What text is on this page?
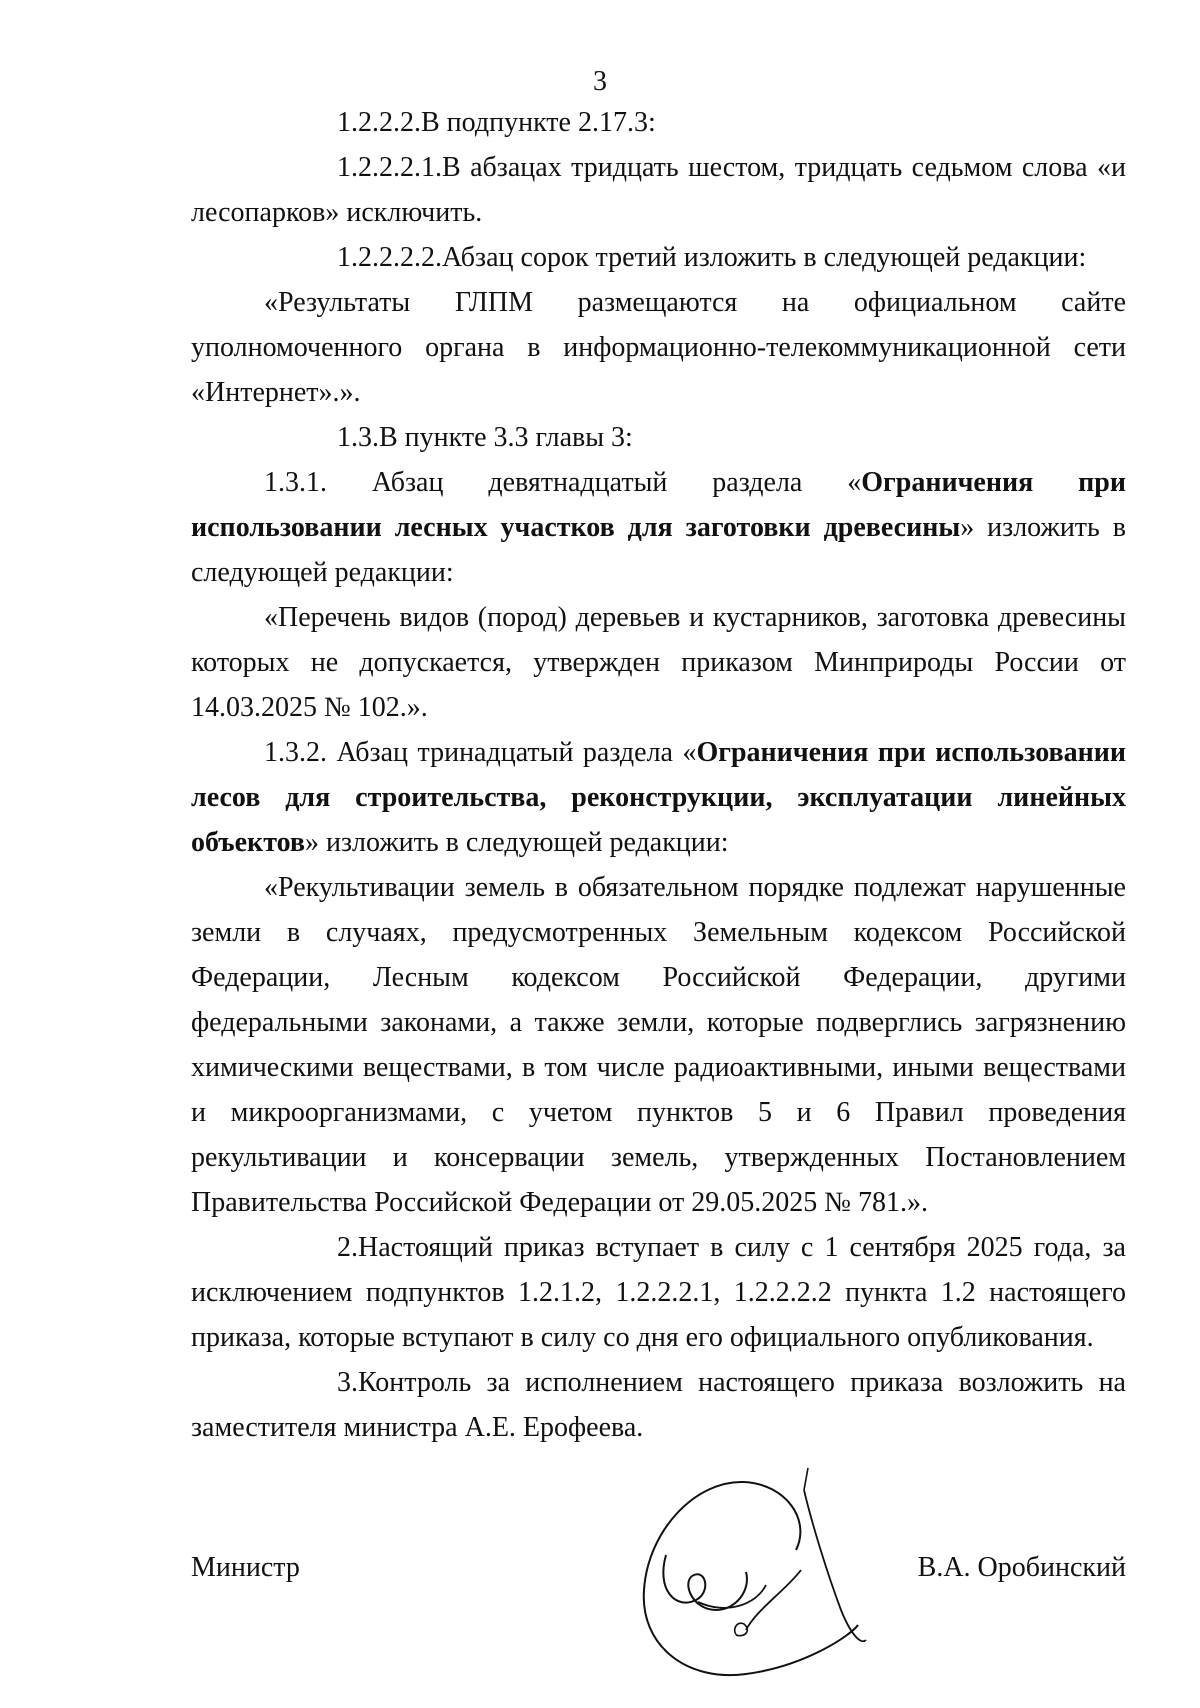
3

1.2.2.2.В подпункте 2.17.3:

1.2.2.2.1.В абзацах тридцать шестом, тридцать седьмом слова «и лесопарков» исключить.

1.2.2.2.2.Абзац сорок третий изложить в следующей редакции:

«Результаты ГЛПМ размещаются на официальном сайте уполномоченного органа в информационно-телекоммуникационной сети «Интернет».».

1.3.В пункте 3.3 главы 3:

1.3.1. Абзац девятнадцатый раздела «Ограничения при использовании лесных участков для заготовки древесины» изложить в следующей редакции:

«Перечень видов (пород) деревьев и кустарников, заготовка древесины которых не допускается, утвержден приказом Минприроды России от 14.03.2025 № 102.».

1.3.2. Абзац тринадцатый раздела «Ограничения при использовании лесов для строительства, реконструкции, эксплуатации линейных объектов» изложить в следующей редакции:

«Рекультивации земель в обязательном порядке подлежат нарушенные земли в случаях, предусмотренных Земельным кодексом Российской Федерации, Лесным кодексом Российской Федерации, другими федеральными законами, а также земли, которые подверглись загрязнению химическими веществами, в том числе радиоактивными, иными веществами и микроорганизмами, с учетом пунктов 5 и 6 Правил проведения рекультивации и консервации земель, утвержденных Постановлением Правительства Российской Федерации от 29.05.2025 № 781.».

2.Настоящий приказ вступает в силу с 1 сентября 2025 года, за исключением подпунктов 1.2.1.2, 1.2.2.2.1, 1.2.2.2.2 пункта 1.2 настоящего приказа, которые вступают в силу со дня его официального опубликования.

3.Контроль за исполнением настоящего приказа возложить на заместителя министра А.Е. Ерофеева.

Министр	В.А. Оробинский
